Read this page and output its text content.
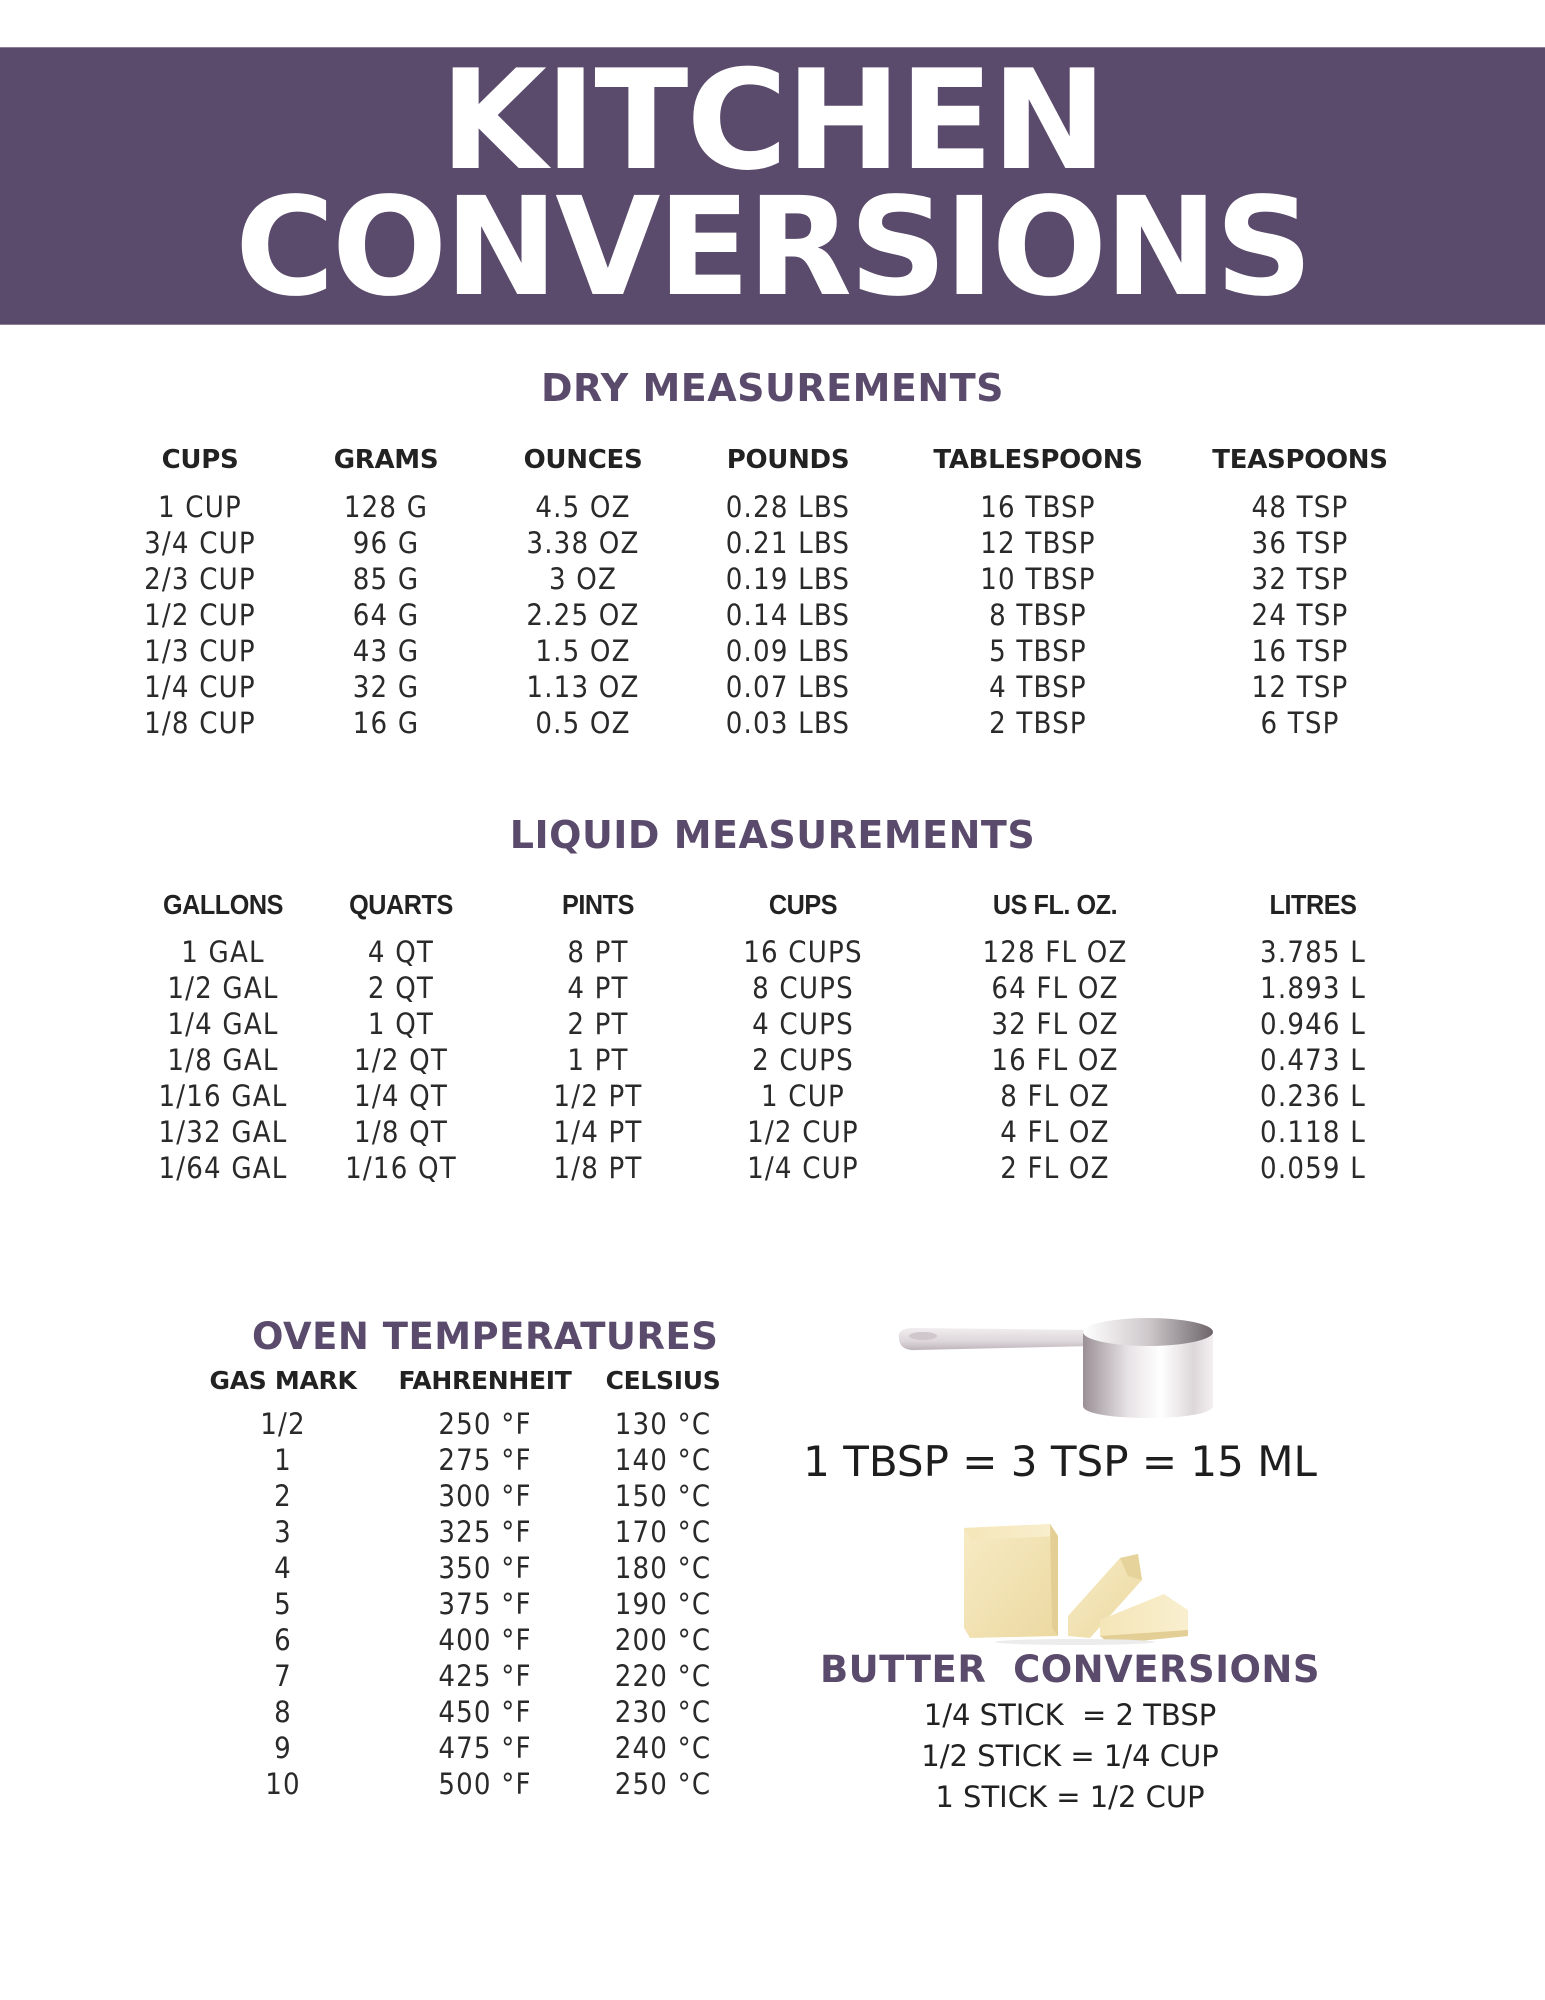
KITCHEN
CONVERSIONS
DRY MEASUREMENTS
CUPS
1 CUP
3/4 CUP
2/3 CUP
1/2 CUP
1/3 CUP
1/4 CUP
1/8 CUP
GRAMS
128 G
96 G
85 G
64 G
43 G
32 G
16 G
OUNCES
4.5 OZ
3.38 OZ
3 OZ
2.25 OZ
1.5 OZ
1.13 OZ
0.5 OZ
POUNDS
0.28 LBS
0.21 LBS
0.19 LBS
0.14 LBS
0.09 LBS
0.07 LBS
0.03 LBS
TABLESPOONS
16 TBSP
12 TBSP
10 TBSP
8 TBSP
5 TBSP
4 TBSP
2 TBSP
TEASPOONS
48 TSP
36 TSP
32 TSP
24 TSP
16 TSP
12 TSP
6 TSP
LIQUID MEASUREMENTS
GALLONS
1 GAL
1/2 GAL
1/4 GAL
1/8 GAL
1/16 GAL
1/32 GAL
1/64 GAL
QUARTS
4 QT
2 QT
1 QT
1/2 QT
1/4 QT
1/8 QT
1/16 QT
PINTS
8 PT
4 PT
2 PT
1 PT
1/2 PT
1/4 PT
1/8 PT
CUPS
16 CUPS
8 CUPS
4 CUPS
2 CUPS
1 CUP
1/2 CUP
1/4 CUP
US FL. OZ.
128 FL OZ
64 FL OZ
32 FL OZ
16 FL OZ
8 FL OZ
4 FL OZ
2 FL OZ
LITRES
3.785 L
1.893 L
0.946 L
0.473 L
0.236 L
0.118 L
0.059 L
OVEN TEMPERATURES
GAS MARK
1/2
1
2
3
4
5
6
7
8
9
10
FAHRENHEIT
250 °F
275 °F
300 °F
325 °F
350 °F
375 °F
400 °F
425 °F
450 °F
475 °F
500 °F
CELSIUS
130 °C
140 °C
150 °C
170 °C
180 °C
190 °C
200 °C
220 °C
230 °C
240 °C
250 °C
1 TBSP = 3 TSP = 15 ML
BUTTER  CONVERSIONS
1/4 STICK  = 2 TBSP
1/2 STICK = 1/4 CUP
1 STICK = 1/2 CUP
